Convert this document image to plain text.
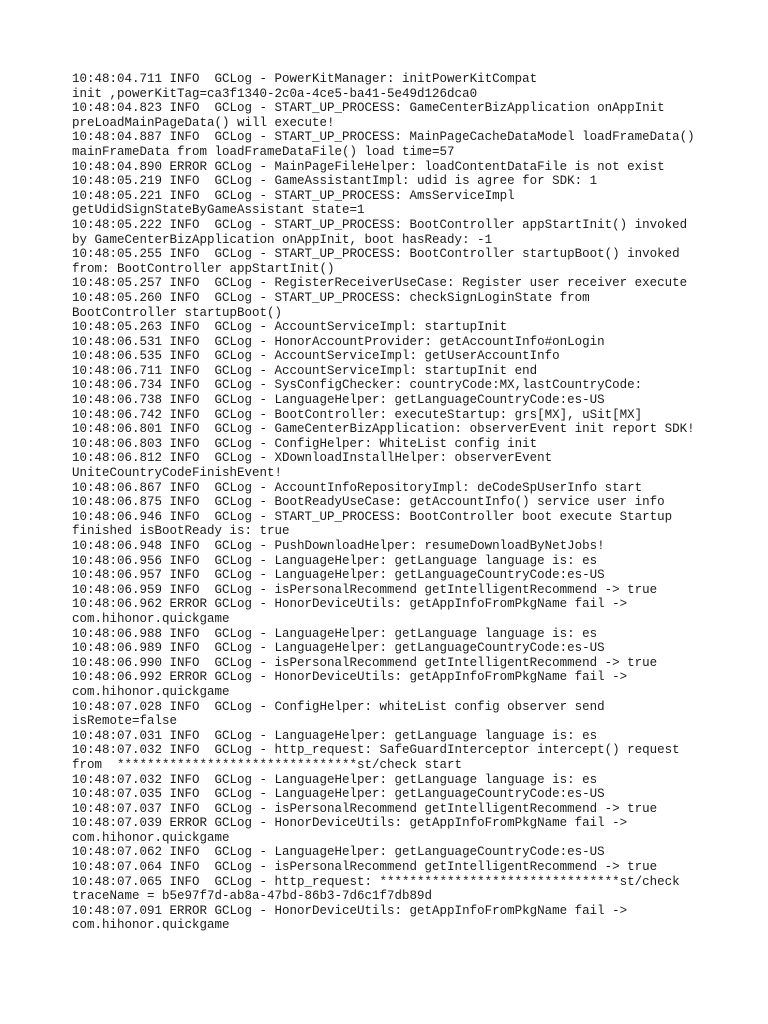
10:48:04.711 INFO  GCLog - PowerKitManager: initPowerKitCompat
init ,powerKitTag=ca3f1340-2c0a-4ce5-ba41-5e49d126dca0
10:48:04.823 INFO  GCLog - START_UP_PROCESS: GameCenterBizApplication onAppInit
preLoadMainPageData() will execute!
10:48:04.887 INFO  GCLog - START_UP_PROCESS: MainPageCacheDataModel loadFrameData()
mainFrameData from loadFrameDataFile() load time=57
10:48:04.890 ERROR GCLog - MainPageFileHelper: loadContentDataFile is not exist
10:48:05.219 INFO  GCLog - GameAssistantImpl: udid is agree for SDK: 1
10:48:05.221 INFO  GCLog - START_UP_PROCESS: AmsServiceImpl
getUdidSignStateByGameAssistant state=1
10:48:05.222 INFO  GCLog - START_UP_PROCESS: BootController appStartInit() invoked
by GameCenterBizApplication onAppInit, boot hasReady: -1
10:48:05.255 INFO  GCLog - START_UP_PROCESS: BootController startupBoot() invoked
from: BootController appStartInit()
10:48:05.257 INFO  GCLog - RegisterReceiverUseCase: Register user receiver execute
10:48:05.260 INFO  GCLog - START_UP_PROCESS: checkSignLoginState from
BootController startupBoot()
10:48:05.263 INFO  GCLog - AccountServiceImpl: startupInit
10:48:06.531 INFO  GCLog - HonorAccountProvider: getAccountInfo#onLogin
10:48:06.535 INFO  GCLog - AccountServiceImpl: getUserAccountInfo
10:48:06.711 INFO  GCLog - AccountServiceImpl: startupInit end
10:48:06.734 INFO  GCLog - SysConfigChecker: countryCode:MX,lastCountryCode:
10:48:06.738 INFO  GCLog - LanguageHelper: getLanguageCountryCode:es-US
10:48:06.742 INFO  GCLog - BootController: executeStartup: grs[MX], uSit[MX]
10:48:06.801 INFO  GCLog - GameCenterBizApplication: observerEvent init report SDK!
10:48:06.803 INFO  GCLog - ConfigHelper: WhiteList config init
10:48:06.812 INFO  GCLog - XDownloadInstallHelper: observerEvent
UniteCountryCodeFinishEvent!
10:48:06.867 INFO  GCLog - AccountInfoRepositoryImpl: deCodeSpUserInfo start
10:48:06.875 INFO  GCLog - BootReadyUseCase: getAccountInfo() service user info
10:48:06.946 INFO  GCLog - START_UP_PROCESS: BootController boot execute Startup
finished isBootReady is: true
10:48:06.948 INFO  GCLog - PushDownloadHelper: resumeDownloadByNetJobs!
10:48:06.956 INFO  GCLog - LanguageHelper: getLanguage language is: es
10:48:06.957 INFO  GCLog - LanguageHelper: getLanguageCountryCode:es-US
10:48:06.959 INFO  GCLog - isPersonalRecommend getIntelligentRecommend -> true
10:48:06.962 ERROR GCLog - HonorDeviceUtils: getAppInfoFromPkgName fail ->
com.hihonor.quickgame
10:48:06.988 INFO  GCLog - LanguageHelper: getLanguage language is: es
10:48:06.989 INFO  GCLog - LanguageHelper: getLanguageCountryCode:es-US
10:48:06.990 INFO  GCLog - isPersonalRecommend getIntelligentRecommend -> true
10:48:06.992 ERROR GCLog - HonorDeviceUtils: getAppInfoFromPkgName fail ->
com.hihonor.quickgame
10:48:07.028 INFO  GCLog - ConfigHelper: whiteList config observer send
isRemote=false
10:48:07.031 INFO  GCLog - LanguageHelper: getLanguage language is: es
10:48:07.032 INFO  GCLog - http_request: SafeGuardInterceptor intercept() request
from  ********************************st/check start
10:48:07.032 INFO  GCLog - LanguageHelper: getLanguage language is: es
10:48:07.035 INFO  GCLog - LanguageHelper: getLanguageCountryCode:es-US
10:48:07.037 INFO  GCLog - isPersonalRecommend getIntelligentRecommend -> true
10:48:07.039 ERROR GCLog - HonorDeviceUtils: getAppInfoFromPkgName fail ->
com.hihonor.quickgame
10:48:07.062 INFO  GCLog - LanguageHelper: getLanguageCountryCode:es-US
10:48:07.064 INFO  GCLog - isPersonalRecommend getIntelligentRecommend -> true
10:48:07.065 INFO  GCLog - http_request: ********************************st/check
traceName = b5e97f7d-ab8a-47bd-86b3-7d6c1f7db89d
10:48:07.091 ERROR GCLog - HonorDeviceUtils: getAppInfoFromPkgName fail ->
com.hihonor.quickgame
